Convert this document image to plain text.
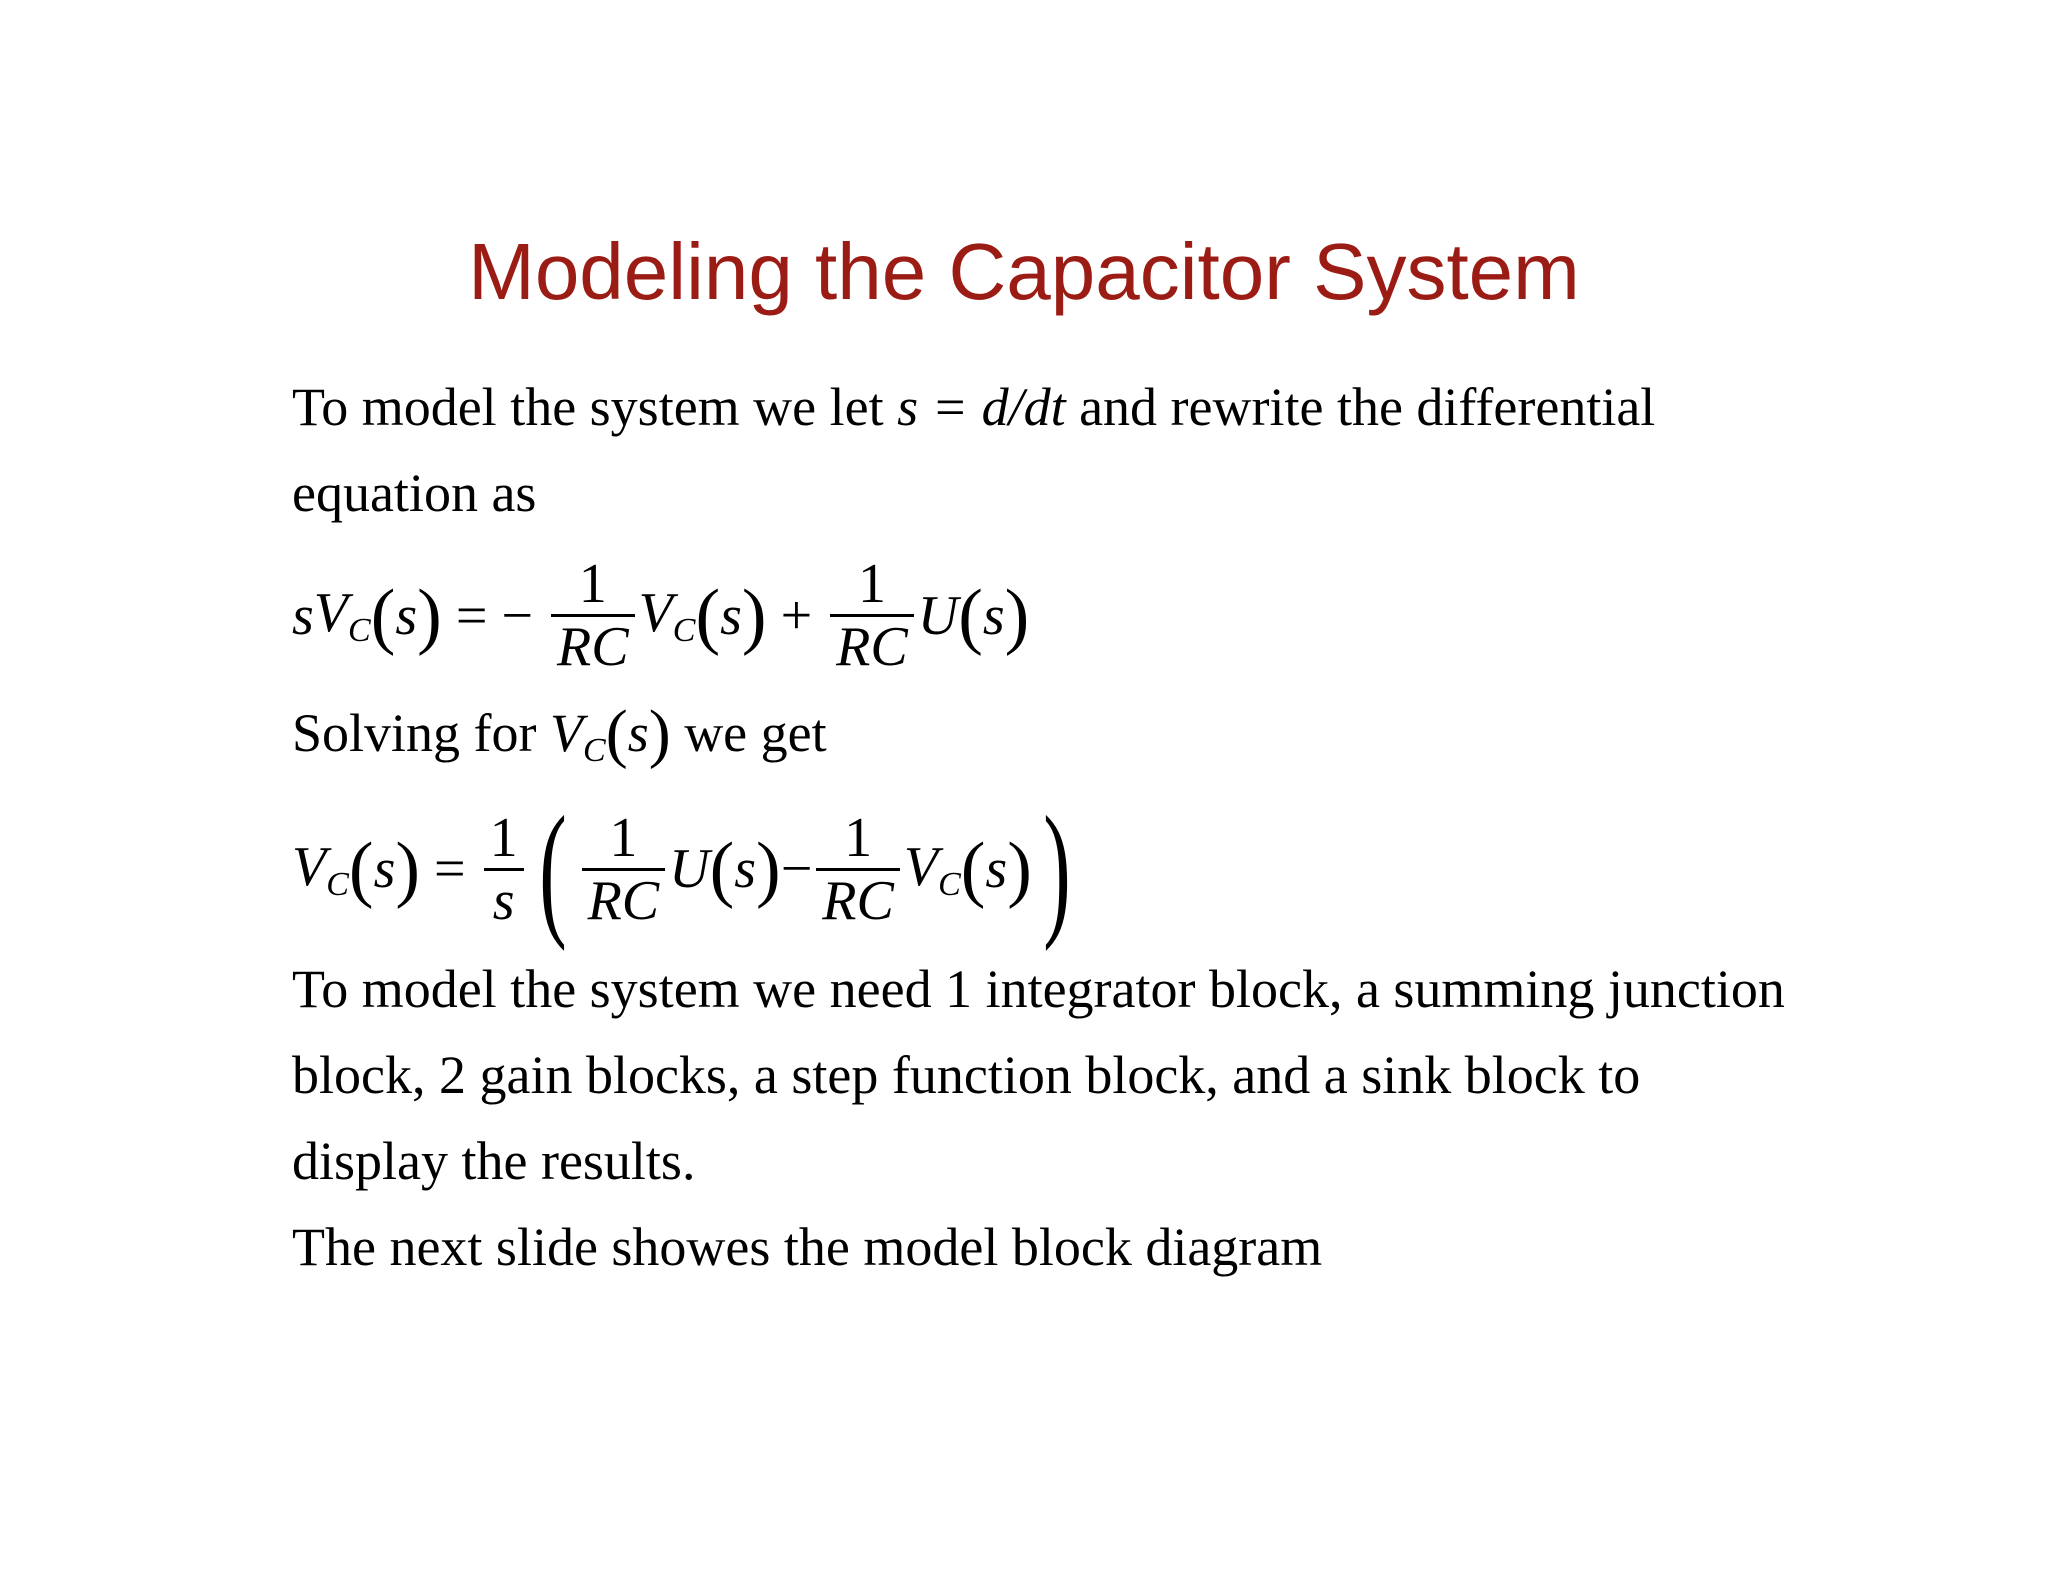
Modeling the Capacitor System
To model the system we let s = d/dt and rewrite the differential
equation as
$sV_C(s)$ = − $\frac{1}{RC} V_C(s) + \frac{1}{RC} U(s)$
Solving for $V_C(s)$ we get
$V_C(s) = \frac{1}{s}$ ( $\frac{1}{RC} U(s)- \frac{1}{RC} V_C(s)$)
To model the system we need 1 integrator block, a summing junction
block, 2 gain blocks, a step function block, and a sink block to
display the results.
The next slide showes the model block diagram
